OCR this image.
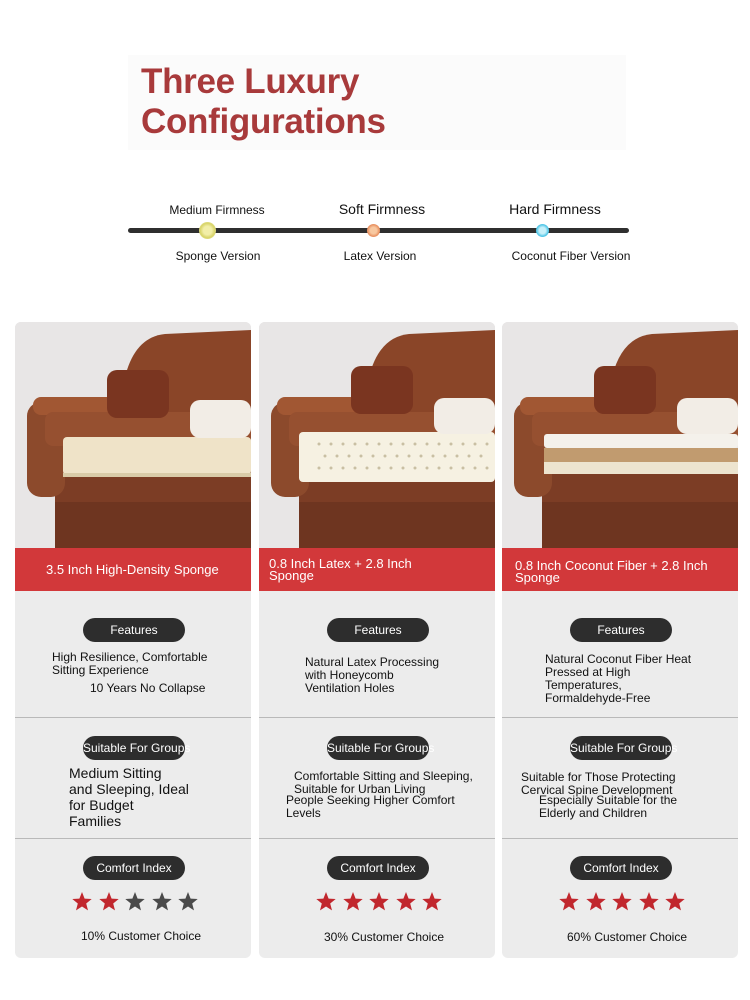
Three Luxury
Configurations
Medium Firmness	Soft Firmness	Hard Firmness
Sponge Version	Latex Version	Coconut Fiber Version
3.5 Inch High-Density Sponge
Features
High Resilience, Comfortable
Sitting Experience
10 Years No Collapse
Suitable For Groups
Medium Sitting
and Sleeping, Ideal
for Budget
Families
Comfort Index
10% Customer Choice
0.8 Inch Latex + 2.8 Inch Sponge
Features
Natural Latex Processing
with Honeycomb
Ventilation Holes
Suitable For Groups
Comfortable Sitting and Sleeping,
Suitable for Urban Living
People Seeking Higher Comfort
Levels
Comfort Index
30% Customer Choice
0.8 Inch Coconut Fiber + 2.8 Inch Sponge
Features
Natural Coconut Fiber Heat
Pressed at High
Temperatures,
Formaldehyde-Free
Suitable For Groups
Suitable for Those Protecting
Cervical Spine Development
Especially Suitable for the
Elderly and Children
Comfort Index
60% Customer Choice
